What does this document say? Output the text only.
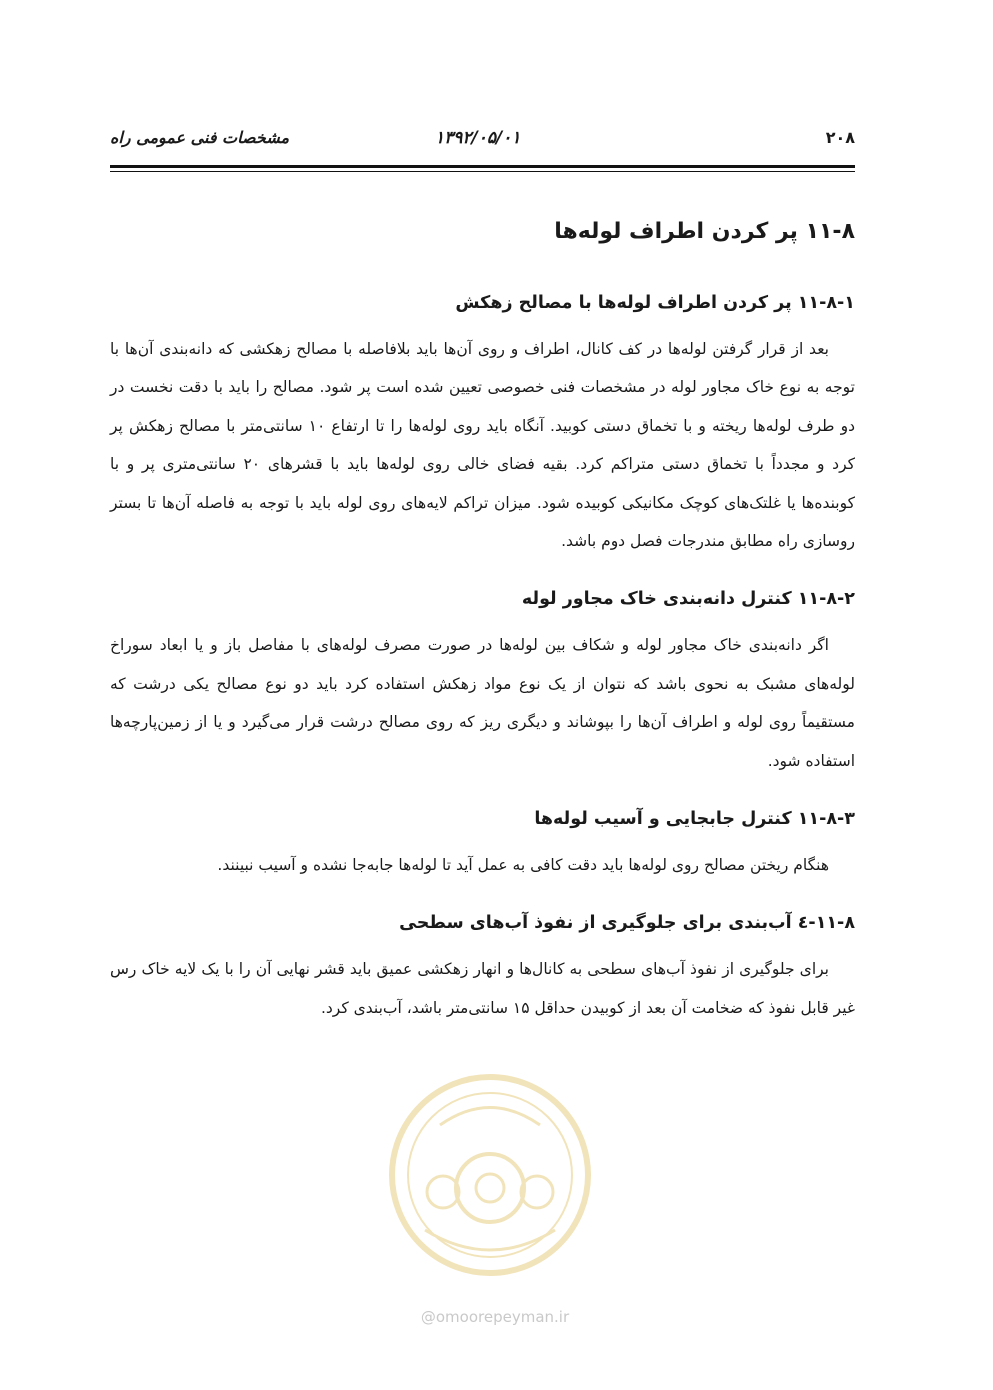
۲۰۸
۱۳۹۲/۰۵/۰۱
مشخصات فنی عمومی راه
۱۱-۸ پر کردن اطراف لوله‌ها
۱۱-۸-۱ پر کردن اطراف لوله‌ها با مصالح زهکش

بعد از قرار گرفتن لوله‌ها در کف کانال، اطراف و روی آن‌ها باید بلافاصله با مصالح زهکشی که دانه‌بندی آن‌ها با توجه به نوع خاک مجاور لوله در مشخصات فنی خصوصی تعیین شده است پر شود. مصالح را باید با دقت نخست در دو طرف لوله‌ها ریخته و با تخماق دستی کوبید. آنگاه باید روی لوله‌ها را تا ارتفاع ۱۰ سانتی‌متر با مصالح زهکش پر کرد و مجدداً با تخماق دستی متراکم کرد. بقیه فضای خالی روی لوله‌ها باید با قشرهای ۲۰ سانتی‌متری پر و با کوبنده‌ها یا غلتک‌های کوچک مکانیکی کوبیده شود. میزان تراکم لایه‌های روی لوله باید با توجه به فاصله آن‌ها تا بستر روسازی راه مطابق مندرجات فصل دوم باشد.

۱۱-۸-۲ کنترل دانه‌بندی خاک مجاور لوله

اگر دانه‌بندی خاک مجاور لوله و شکاف بین لوله‌ها در صورت مصرف لوله‌های با مفاصل باز و یا ابعاد سوراخ لوله‌های مشبک به نحوی باشد که نتوان از یک نوع مواد زهکش استفاده کرد باید دو نوع مصالح یکی درشت که مستقیماً روی لوله و اطراف آن‌ها را بپوشاند و دیگری ریز که روی مصالح درشت قرار می‌گیرد و یا از زمین‌پارچه‌ها استفاده شود.

۱۱-۸-۳ کنترل جابجایی و آسیب لوله‌ها

هنگام ریختن مصالح روی لوله‌ها باید دقت کافی به عمل آید تا لوله‌ها جابه‌جا نشده و آسیب نبینند.

۱۱-۸-٤ آب‌بندی برای جلوگیری از نفوذ آب‌های سطحی

برای جلوگیری از نفوذ آب‌های سطحی به کانال‌ها و انهار زهکشی عمیق باید قشر نهایی آن را با یک لایه خاک رس غیر قابل نفوذ که ضخامت آن بعد از کوبیدن حداقل ۱۵ سانتی‌متر باشد، آب‌بندی کرد.

@omoorepeyman.ir
